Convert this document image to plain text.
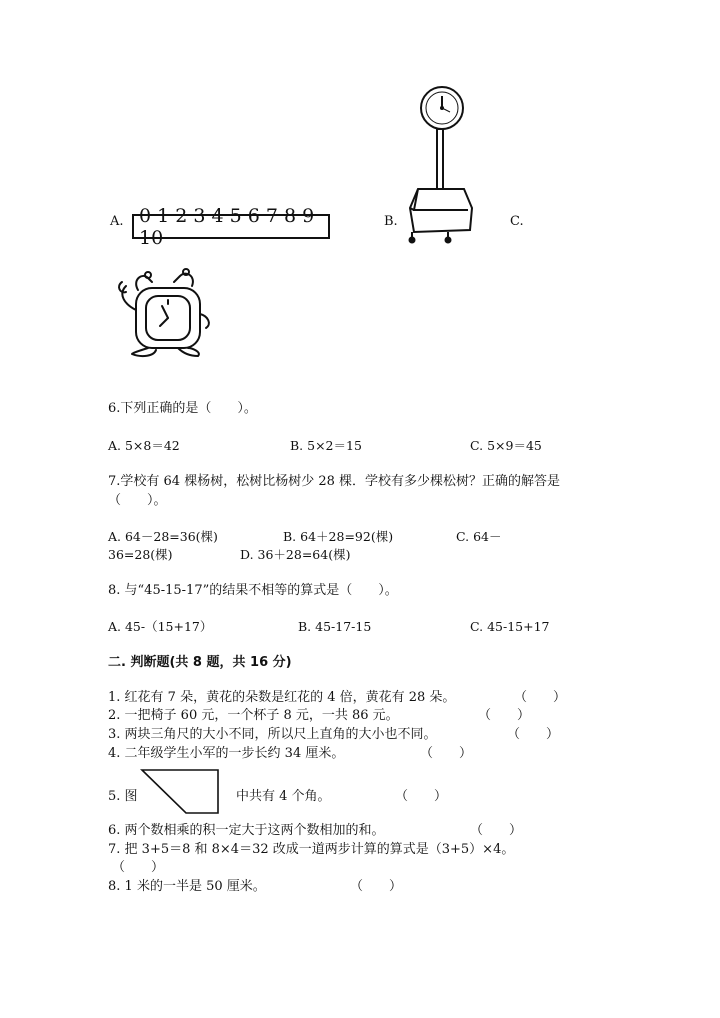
A. 0 1 2 3 4 5 6 7 8 9 10
B.	C.
6.下列正确的是（　　）。
A. 5×8＝42	B. 5×2＝15	C. 5×9＝45
7.学校有 64 棵杨树，松树比杨树少 28 棵．学校有多少棵松树？正确的解答是
（　　）。
A. 64－28=36(棵)	B. 64＋28=92(棵)	C. 64－
36=28(棵)	D. 36＋28=64(棵)
8. 与“45-15-17”的结果不相等的算式是（　　）。
A. 45-（15+17）	B. 45-17-15	C. 45-15+17
二. 判断题(共 8 题，共 16 分)
1. 红花有 7 朵，黄花的朵数是红花的 4 倍，黄花有 28 朵。	（　　）
2. 一把椅子 60 元，一个杯子 8 元，一共 86 元。	（　　）
3. 两块三角尺的大小不同，所以尺上直角的大小也不同。	（　　）
4. 二年级学生小军的一步长约 34 厘米。	（　　）
5. 图	中共有 4 个角。	（　　）
6. 两个数相乘的积一定大于这两个数相加的和。	（　　）
7. 把 3+5＝8 和 8×4＝32 改成一道两步计算的算式是（3+5）×4。
（　　）
8. 1 米的一半是 50 厘米。	（　　）
